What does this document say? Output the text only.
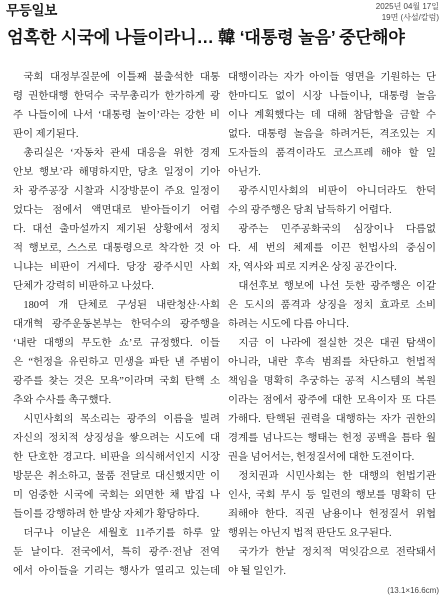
무등일보	2025년 04월 17일
19면 (사설/칼럼)
엄혹한 시국에 나들이라니… 韓 ‘대통령 놀음’ 중단해야
국회 대정부질문에 이틀째 불출석한 대통
령 권한대행 한덕수 국무총리가 한가하게 광
주 나들이에 나서 ‘대통령 놀이’라는 강한 비
판이 제기된다.
총리실은 ‘자동차 관세 대응을 위한 경제
안보 행보’라 해명하지만, 당초 일정이 기아
차 광주공장 시찰과 시장방문이 주요 일정이
었다는 점에서 액면대로 받아들이기 어렵
다. 대선 출마설까지 제기된 상황에서 정치
적 행보로, 스스로 대통령으로 착각한 것 아
니냐는 비판이 거세다. 당장 광주시민 사회
단체가 강력히 비판하고 나섰다.
180여 개 단체로 구성된 내란청산·사회
대개혁 광주운동본부는 한덕수의 광주행을
‘내란 대행의 무도한 쇼’로 규정했다. 이들
은 “헌정을 유린하고 민생을 파탄 낸 주범이
광주를 찾는 것은 모욕”이라며 국회 탄핵 소
추와 수사를 촉구했다.
시민사회의 목소리는 광주의 이름을 빌려
자신의 정치적 상징성을 쌓으려는 시도에 대
한 단호한 경고다. 비판을 의식해서인지 시장
방문은 취소하고, 물품 전달로 대신했지만 이
미 엄중한 시국에 국회는 외면한 채 밥집 나
들이를 강행하려 한 발상 자체가 황당하다.
더구나 이날은 세월호 11주기를 하루 앞
둔 날이다. 전국에서, 특히 광주·전남 전역
에서 아이들을 기리는 행사가 열리고 있는데
대행이라는 자가 아이들 영면을 기원하는 단
한마디도 없이 시장 나들이나, 대통령 놀음
이나 계획했다는 데 대해 참담함을 금할 수
없다. 대통령 놀음을 하려거든, 격조있는 지
도자들의 품격이라도 코스프레 해야 할 일
아닌가.
광주시민사회의 비판이 아니더라도 한덕
수의 광주행은 당최 납득하기 어렵다.
광주는 민주공화국의 심장이나 다름없
다. 세 번의 체제를 이끈 헌법사의 중심이
자, 역사와 피로 지켜온 상징 공간이다.
대선후보 행보에 나선 듯한 광주행은 이같
은 도시의 품격과 상징을 정치 효과로 소비
하려는 시도에 다름 아니다.
지금 이 나라에 절실한 것은 대권 탐색이
아니라, 내란 후속 범죄를 차단하고 헌법적
책임을 명확히 추궁하는 공적 시스템의 복원
이라는 점에서 광주에 대한 모욕이자 또 다른
가해다. 탄핵된 권력을 대행하는 자가 권한의
경계를 넘나드는 행태는 헌정 공백을 틈타 월
권을 넘어서는, 헌정질서에 대한 도전이다.
정치권과 시민사회는 한 대행의 헌법기관
인사, 국회 무시 등 일련의 행보를 명확히 단
죄해야 한다. 직권 남용이나 헌정질서 위협
행위는 아닌지 법적 판단도 요구된다.
국가가 한낱 정치적 먹잇감으로 전락돼서
야 될 일인가.
(13.1×16.6cm)
